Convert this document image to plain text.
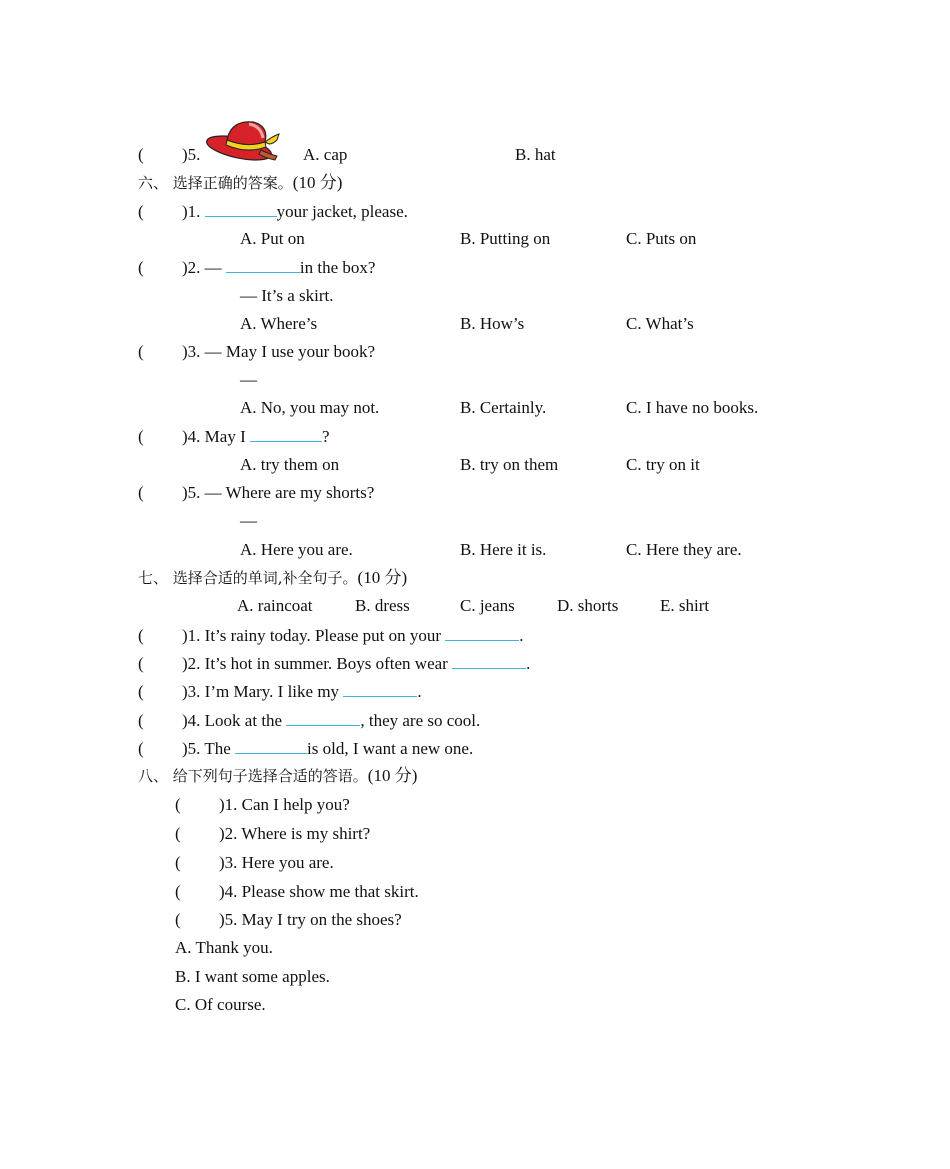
( )5.	A. cap	B. hat
六、 选择正确的答案。(10 分)
( )1.	your jacket, please.
A. Put on	B. Putting on	C. Puts on
( )2. —	in the box?
— It’s a skirt.
A. Where’s	B. How’s	C. What’s
( )3. — May I use your book?
—
A. No, you may not.	B. Certainly.	C. I have no books.
( )4. May I	?
A. try them on	B. try on them	C. try on it
( )5. — Where are my shorts?
—
A. Here you are.	B. Here it is.	C. Here they are.
七、 选择合适的单词,补全句子。(10 分)
A. raincoat B. dress	C. jeans D. shorts E. shirt
( )1. It’s rainy today. Please put on your	.
( )2. It’s hot in summer. Boys often wear	.
( )3. I’m Mary. I like my	.
( )4. Look at the	, they are so cool.
( )5. The	is old, I want a new one.
八、 给下列句子选择合适的答语。(10 分)
( )1. Can I help you?
( )2. Where is my shirt?
( )3. Here you are.
( )4. Please show me that skirt.
( )5. May I try on the shoes?
A. Thank you.
B. I want some apples.
C. Of course.
